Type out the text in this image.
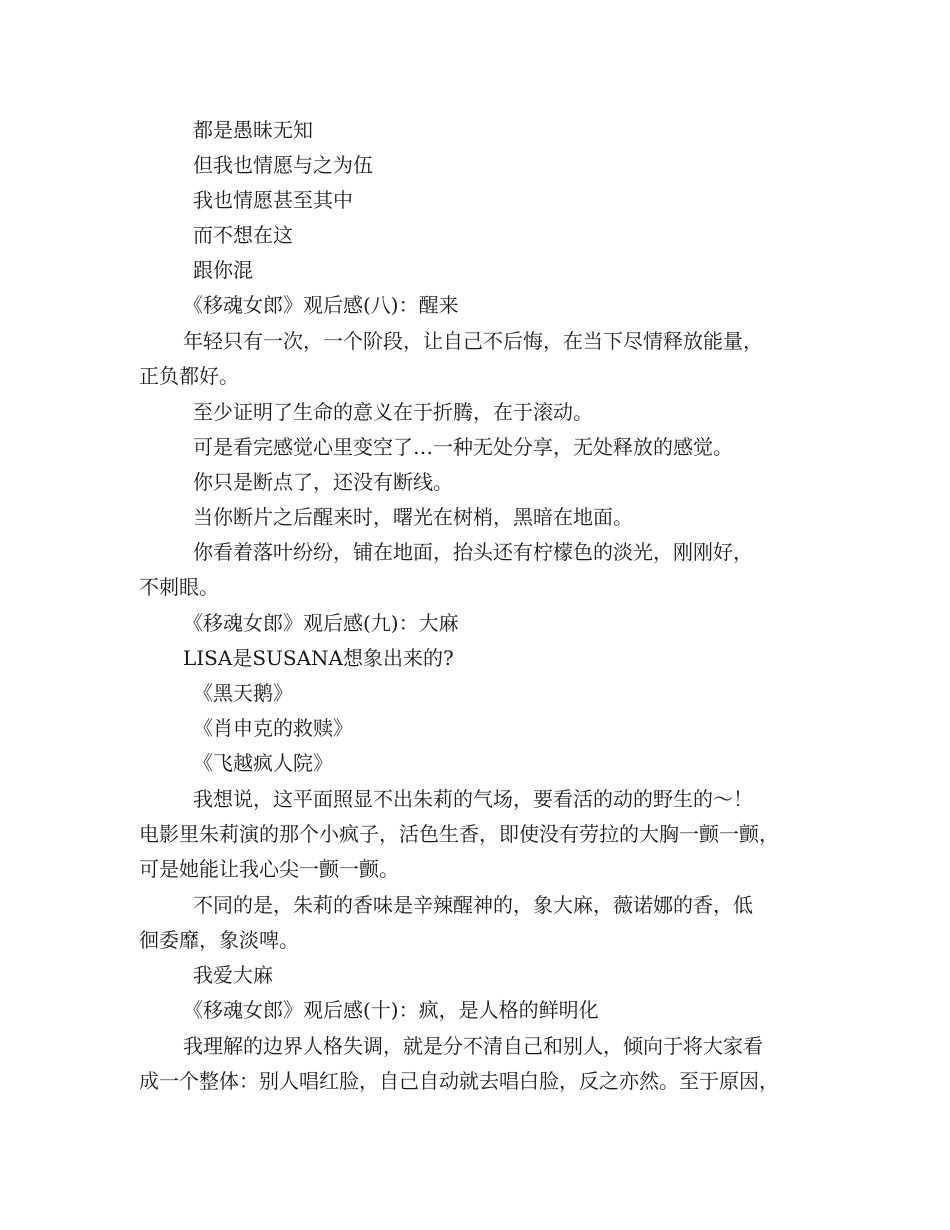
都是愚昧无知

但我也情愿与之为伍

我也情愿甚至其中

而不想在这

跟你混

《移魂女郎》观后感(八)：醒来

年轻只有一次，一个阶段，让自己不后悔，在当下尽情释放能量，

正负都好。

至少证明了生命的意义在于折腾，在于滚动。

可是看完感觉心里变空了…一种无处分享，无处释放的感觉。

你只是断点了，还没有断线。

当你断片之后醒来时，曙光在树梢，黑暗在地面。

你看着落叶纷纷，铺在地面，抬头还有柠檬色的淡光，刚刚好，

不刺眼。

《移魂女郎》观后感(九)：大麻

LISA是SUSANA想象出来的?

《黑天鹅》

《肖申克的救赎》

《飞越疯人院》

我想说，这平面照显不出朱莉的气场，要看活的动的野生的～！

电影里朱莉演的那个小疯子，活色生香，即使没有劳拉的大胸一颤一颤，

可是她能让我心尖一颤一颤。

不同的是，朱莉的香味是辛辣醒神的，象大麻，薇诺娜的香，低

徊委靡，象淡啤。

我爱大麻

《移魂女郎》观后感(十)：疯，是人格的鲜明化

我理解的边界人格失调，就是分不清自己和别人，倾向于将大家看

成一个整体：别人唱红脸，自己自动就去唱白脸，反之亦然。至于原因，
